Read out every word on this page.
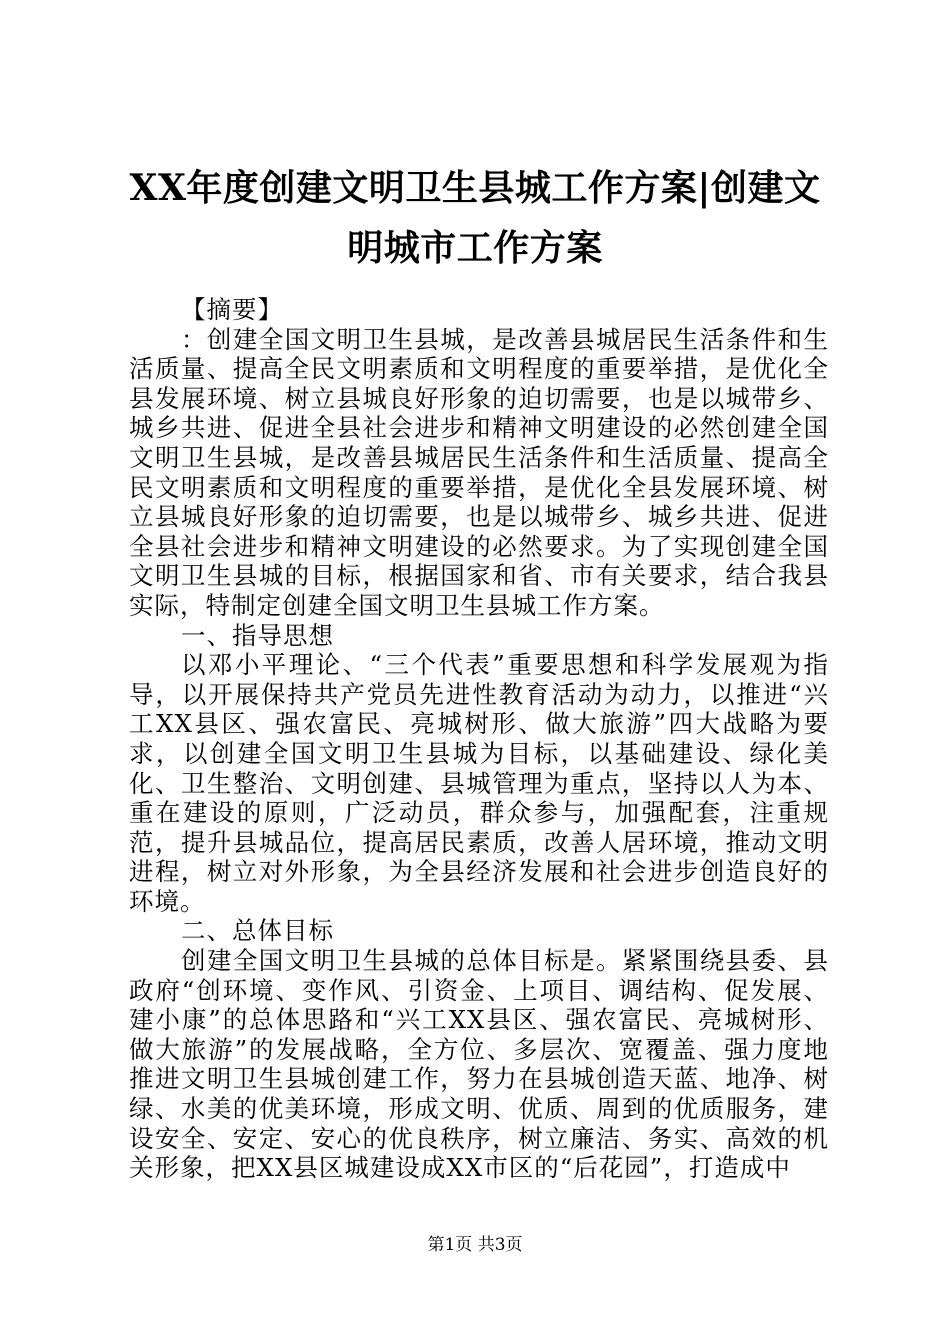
XX年度创建文明卫生县城工作方案|创建文明城市工作方案

【摘要】

：创建全国文明卫生县城，是改善县城居民生活条件和生活质量、提高全民文明素质和文明程度的重要举措，是优化全县发展环境、树立县城良好形象的迫切需要，也是以城带乡、城乡共进、促进全县社会进步和精神文明建设的必然创建全国文明卫生县城，是改善县城居民生活条件和生活质量、提高全民文明素质和文明程度的重要举措，是优化全县发展环境、树立县城良好形象的迫切需要，也是以城带乡、城乡共进、促进全县社会进步和精神文明建设的必然要求。为了实现创建全国文明卫生县城的目标，根据国家和省、市有关要求，结合我县实际，特制定创建全国文明卫生县城工作方案。

一、指导思想

以邓小平理论、“三个代表”重要思想和科学发展观为指导，以开展保持共产党员先进性教育活动为动力，以推进“兴工XX县区、强农富民、亮城树形、做大旅游”四大战略为要求，以创建全国文明卫生县城为目标，以基础建设、绿化美化、卫生整治、文明创建、县城管理为重点，坚持以人为本、重在建设的原则，广泛动员，群众参与，加强配套，注重规范，提升县城品位，提高居民素质，改善人居环境，推动文明进程，树立对外形象，为全县经济发展和社会进步创造良好的环境。

二、总体目标

创建全国文明卫生县城的总体目标是。紧紧围绕县委、县政府“创环境、变作风、引资金、上项目、调结构、促发展、建小康”的总体思路和“兴工XX县区、强农富民、亮城树形、做大旅游”的发展战略，全方位、多层次、宽覆盖、强力度地推进文明卫生县城创建工作，努力在县城创造天蓝、地净、树绿、水美的优美环境，形成文明、优质、周到的优质服务，建设安全、安定、安心的优良秩序，树立廉洁、务实、高效的机关形象，把XX县区城建设成XX市区的“后花园”，打造成中

第1页 共3页
